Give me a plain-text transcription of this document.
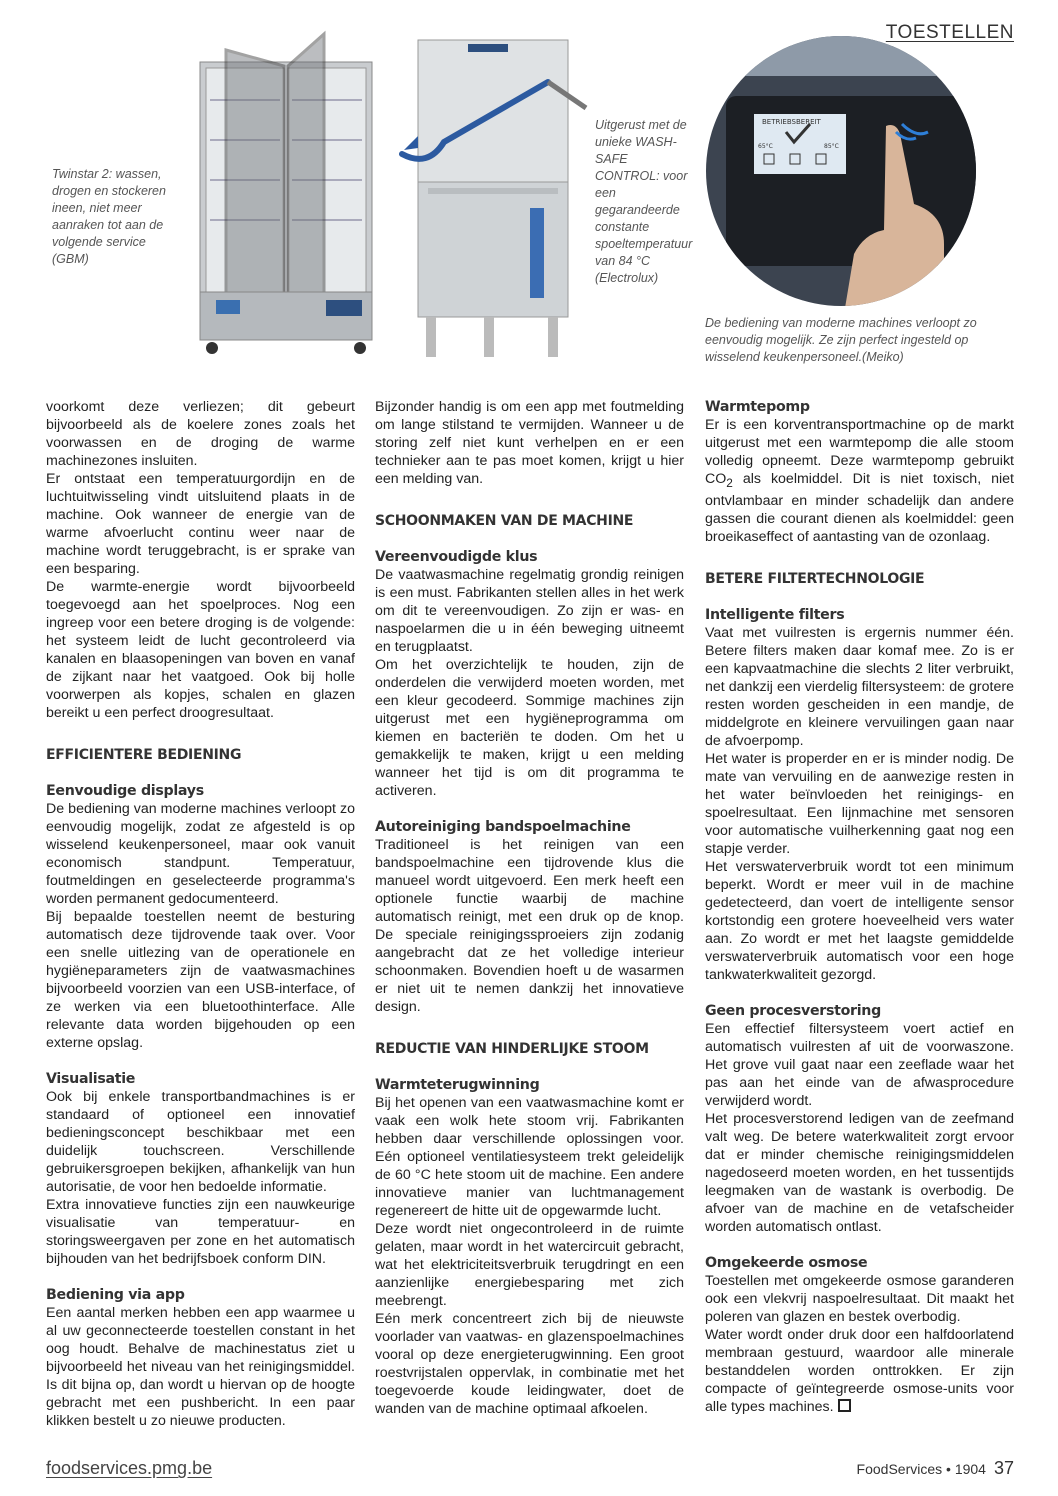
TOESTELLEN
Twinstar 2: wassen, drogen en stockeren ineen, niet meer aanraken tot aan de volgende service (GBM)
Uitgerust met de unieke WASH-SAFE CONTROL: voor een gegarandeerde constante spoeltemperatuur van 84 °C (Electrolux)
BETRIEBSBEREIT
65°C	85°C
De bediening van moderne machines verloopt zo eenvoudig mogelijk. Ze zijn perfect ingesteld op wisselend keukenpersoneel.(Meiko)

voorkomt deze verliezen; dit gebeurt bijvoorbeeld als de koelere zones zoals het voorwassen en de droging de warme machinezones insluiten.

Er ontstaat een temperatuurgordijn en de luchtuitwisseling vindt uitsluitend plaats in de machine. Ook wanneer de energie van de warme afvoerlucht continu weer naar de machine wordt teruggebracht, is er sprake van een besparing.

De warmte-energie wordt bijvoorbeeld toegevoegd aan het spoelproces. Nog een ingreep voor een betere droging is de volgende: het systeem leidt de lucht gecontroleerd via kanalen en blaasopeningen van boven en vanaf de zijkant naar het vaatgoed. Ook bij holle voorwerpen als kopjes, schalen en glazen bereikt u een perfect droogresultaat.

EFFICIENTERE BEDIENING
Eenvoudige displays

De bediening van moderne machines verloopt zo eenvoudig mogelijk, zodat ze afgesteld is op wisselend keukenpersoneel, maar ook vanuit economisch standpunt. Temperatuur, foutmeldingen en geselecteerde programma's worden permanent gedocumenteerd.

Bij bepaalde toestellen neemt de besturing automatisch deze tijdrovende taak over. Voor een snelle uitlezing van de operationele en hygiëneparameters zijn de vaatwasmachines bijvoorbeeld voorzien van een USB-interface, of ze werken via een bluetoothinterface. Alle relevante data worden bijgehouden op een externe opslag.

Visualisatie

Ook bij enkele transportbandmachines is er standaard of optioneel een innovatief bedieningsconcept beschikbaar met een duidelijk touchscreen. Verschillende gebruikersgroepen bekijken, afhankelijk van hun autorisatie, de voor hen bedoelde informatie.

Extra innovatieve functies zijn een nauwkeurige visualisatie van temperatuur- en storingsweergaven per zone en het automatisch bijhouden van het bedrijfsboek conform DIN.

Bediening via app

Een aantal merken hebben een app waarmee u al uw geconnecteerde toestellen constant in het oog houdt. Behalve de machinestatus ziet u bijvoorbeeld het niveau van het reinigingsmiddel. Is dit bijna op, dan wordt u hiervan op de hoogte gebracht met een pushbericht. In een paar klikken bestelt u zo nieuwe producten.

Bijzonder handig is om een app met foutmelding om lange stilstand te vermijden. Wanneer u de storing zelf niet kunt verhelpen en er een technieker aan te pas moet komen, krijgt u hier een melding van.

SCHOONMAKEN VAN DE MACHINE
Vereenvoudigde klus

De vaatwasmachine regelmatig grondig reinigen is een must. Fabrikanten stellen alles in het werk om dit te vereenvoudigen. Zo zijn er was- en naspoelarmen die u in één beweging uitneemt en terugplaatst.

Om het overzichtelijk te houden, zijn de onderdelen die verwijderd moeten worden, met een kleur gecodeerd. Sommige machines zijn uitgerust met een hygiëneprogramma om kiemen en bacteriën te doden. Om het u gemakkelijk te maken, krijgt u een melding wanneer het tijd is om dit programma te activeren.

Autoreiniging bandspoelmachine

Traditioneel is het reinigen van een bandspoelmachine een tijdrovende klus die manueel wordt uitgevoerd. Een merk heeft een optionele functie waarbij de machine automatisch reinigt, met een druk op de knop. De speciale reinigingssproeiers zijn zodanig aangebracht dat ze het volledige interieur schoonmaken. Bovendien hoeft u de wasarmen er niet uit te nemen dankzij het innovatieve design.

REDUCTIE VAN HINDERLIJKE STOOM
Warmteterugwinning

Bij het openen van een vaatwasmachine komt er vaak een wolk hete stoom vrij. Fabrikanten hebben daar verschillende oplossingen voor. Eén optioneel ventilatiesysteem trekt geleidelijk de 60 °C hete stoom uit de machine. Een andere innovatieve manier van luchtmanagement regenereert de hitte uit de opgewarmde lucht.

Deze wordt niet ongecontroleerd in de ruimte gelaten, maar wordt in het watercircuit gebracht, wat het elektriciteitsverbruik terugdringt en een aanzienlijke energiebesparing met zich meebrengt.

Eén merk concentreert zich bij de nieuwste voorlader van vaatwas- en glazenspoelmachines vooral op deze energieterugwinning. Een groot roestvrijstalen oppervlak, in combinatie met het toegevoerde koude leidingwater, doet de wanden van de machine optimaal afkoelen.

Warmtepomp

Er is een korventransportmachine op de markt uitgerust met een warmtepomp die alle stoom volledig opneemt. Deze warmtepomp gebruikt $CO_2$ als koelmiddel. Dit is niet toxisch, niet ontvlambaar en minder schadelijk dan andere gassen die courant dienen als koelmiddel: geen broeikaseffect of aantasting van de ozonlaag.

BETERE FILTERTECHNOLOGIE
Intelligente filters

Vaat met vuilresten is ergernis nummer één. Betere filters maken daar komaf mee. Zo is er een kapvaatmachine die slechts 2 liter verbruikt, net dankzij een vierdelig filtersysteem: de grotere resten worden gescheiden in een mandje, de middelgrote en kleinere vervuilingen gaan naar de afvoerpomp.

Het water is properder en er is minder nodig. De mate van vervuiling en de aanwezige resten in het water beïnvloeden het reinigings- en spoelresultaat. Een lijnmachine met sensoren voor automatische vuilherkenning gaat nog een stapje verder.

Het verswaterverbruik wordt tot een minimum beperkt. Wordt er meer vuil in de machine gedetecteerd, dan voert de intelligente sensor kortstondig een grotere hoeveelheid vers water aan. Zo wordt er met het laagste gemiddelde verswaterverbruik automatisch voor een hoge tankwaterkwaliteit gezorgd.

Geen procesverstoring

Een effectief filtersysteem voert actief en automatisch vuilresten af uit de voorwaszone. Het grove vuil gaat naar een zeeflade waar het pas aan het einde van de afwasprocedure verwijderd wordt.

Het procesverstorend ledigen van de zeefmand valt weg. De betere waterkwaliteit zorgt ervoor dat er minder chemische reinigingsmiddelen nagedoseerd moeten worden, en het tussentijds leegmaken van de wastank is overbodig. De afvoer van de machine en de vetafscheider worden automatisch ontlast.

Omgekeerde osmose

Toestellen met omgekeerde osmose garanderen ook een vlekvrij naspoelresultaat. Dit maakt het poleren van glazen en bestek overbodig.

Water wordt onder druk door een halfdoorlatend membraan gestuurd, waardoor alle minerale bestanddelen worden onttrokken. Er zijn compacte of geïntegreerde osmose-units voor alle types machines.

foodservices.pmg.be	FoodServices • 1904 37
